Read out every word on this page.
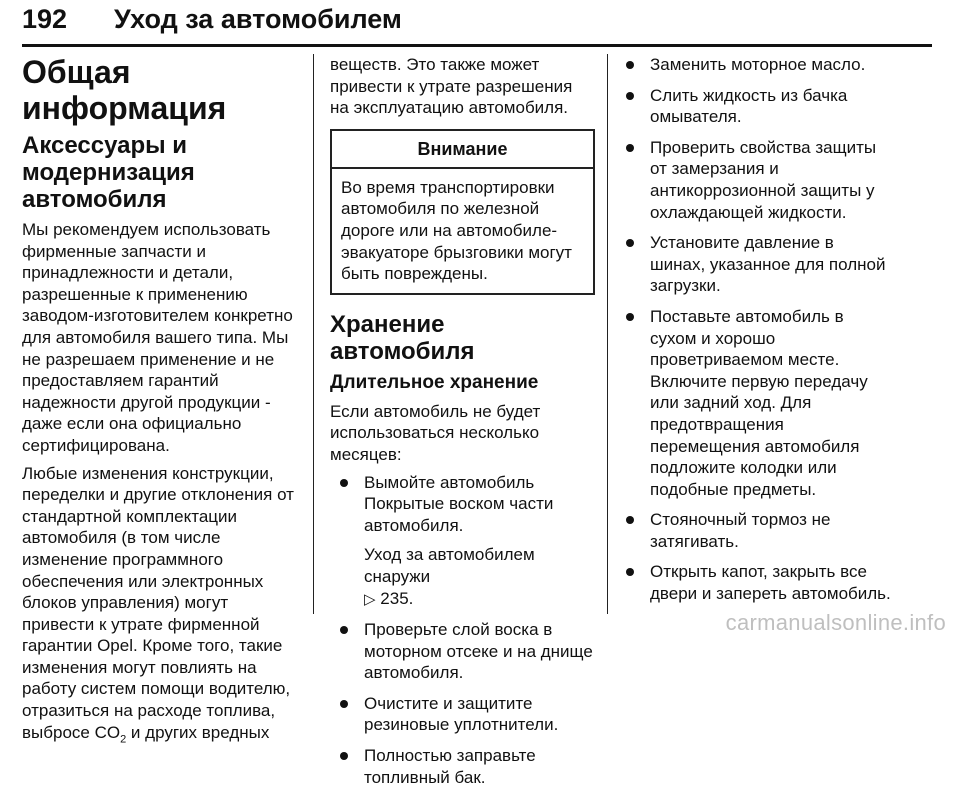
192 Уход за автомобилем
Общая информация
Аксессуары и модернизация автомобиля

Мы рекомендуем использовать фирменные запчасти и принадлежности и детали, разрешенные к применению заводом-изготовителем конкретно для автомобиля вашего типа. Мы не разрешаем применение и не предоставляем гарантий надежности другой продукции - даже если она официально сертифицирована.

Любые изменения конструкции, переделки и другие отклонения от стандартной комплектации автомобиля (в том числе изменение программного обеспечения или электронных блоков управления) могут привести к утрате фирменной гарантии Opel. Кроме того, такие изменения могут повлиять на работу систем помощи водителю, отразиться на расходе топлива, выбросе $CO_2$ и других вредных

веществ. Это также может привести к утрате разрешения на эксплуатацию автомобиля.

Внимание
Во время транспортировки автомобиля по железной дороге или на автомобиле-эвакуаторе брызговики могут быть повреждены.
Хранение автомобиля
Длительное хранение

Если автомобиль не будет использоваться несколько месяцев:

Вымойте автомобиль Покрытые воском части автомобиля.
Уход за автомобилем снаружи
▷ 235.
Проверьте слой воска в моторном отсеке и на днище автомобиля.
Очистите и защитите резиновые уплотнители.
Полностью заправьте топливный бак.
Заменить моторное масло.
Слить жидкость из бачка омывателя.
Проверить свойства защиты от замерзания и антикоррозионной защиты у охлаждающей жидкости.
Установите давление в шинах, указанное для полной загрузки.
Поставьте автомобиль в сухом и хорошо проветриваемом месте. Включите первую передачу или задний ход. Для предотвращения перемещения автомобиля подложите колодки или подобные предметы.
Стояночный тормоз не затягивать.
Открыть капот, закрыть все двери и запереть автомобиль.
carmanualsonline.info
